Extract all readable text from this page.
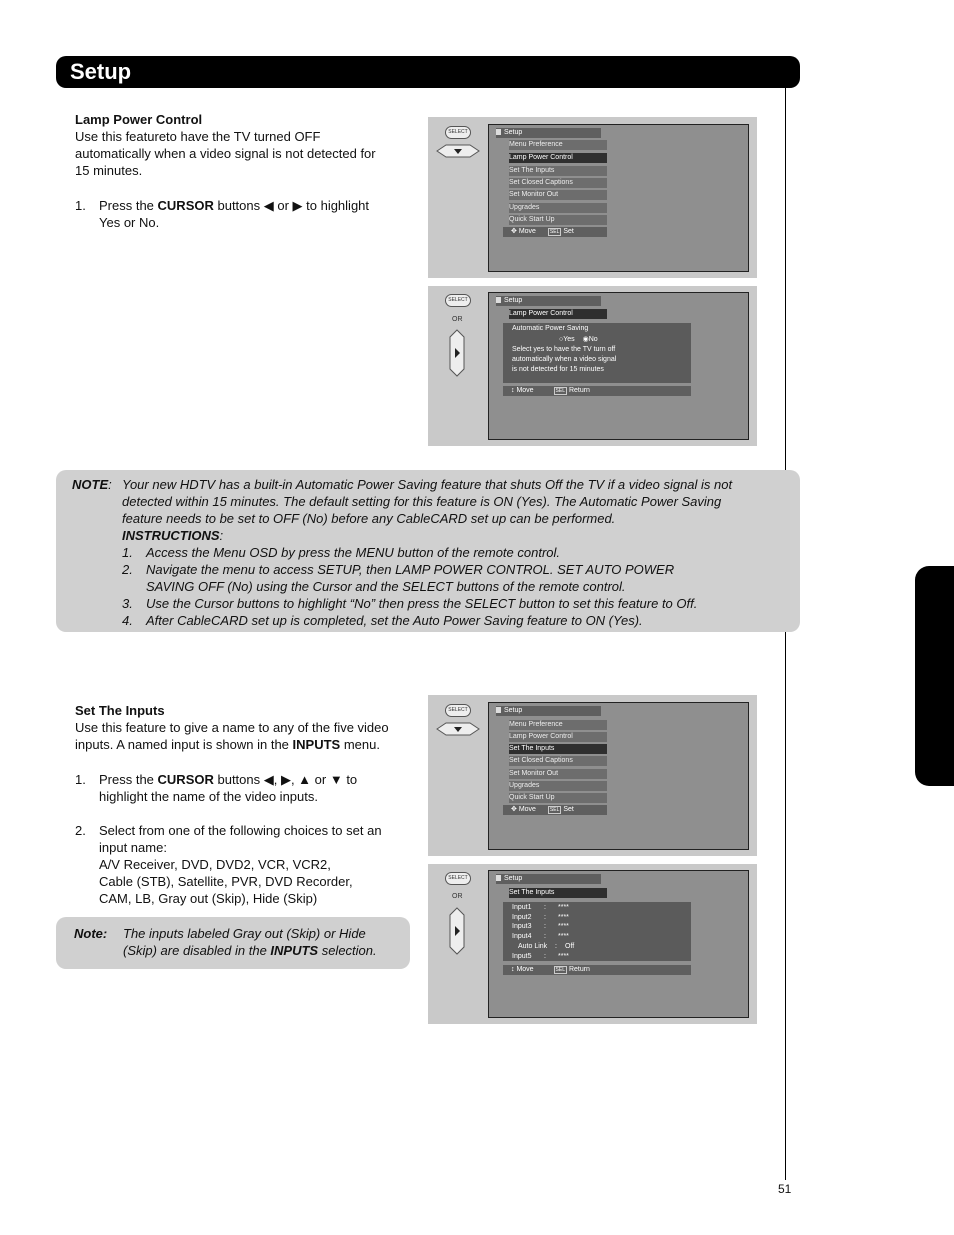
Setup
51
Lamp Power Control
Use this featureto have the TV turned OFF
automatically when a video signal is not detected for
15 minutes.
1. Press the CURSOR buttons ◀ or ▶ to highlight
Yes or No.
SELECT	Setup
Menu Preference
Lamp Power Control
Set The Inputs
Set Closed Captions
Set Monitor Out
Upgrades
Quick Start Up
✥ Move	SEL Set
SELECT
OR
Setup
Lamp Power Control
Automatic Power Saving
○Yes ◉No
Select yes to have the TV turn off
automatically when a video signal
is not detected for 15 minutes
↕ Move	SEL Return
NOTE: Your new HDTV has a built-in Automatic Power Saving feature that shuts Off the TV if a video signal is not
detected within 15 minutes. The default setting for this feature is ON (Yes). The Automatic Power Saving
feature needs to be set to OFF (No) before any CableCARD set up can be performed.
INSTRUCTIONS:
1. Access the Menu OSD by press the MENU button of the remote control.
2. Navigate the menu to access SETUP, then LAMP POWER CONTROL. SET AUTO POWER
SAVING OFF (No) using the Cursor and the SELECT buttons of the remote control.
3. Use the Cursor buttons to highlight “No” then press the SELECT button to set this feature to Off.
4. After CableCARD set up is completed, set the Auto Power Saving feature to ON (Yes).
Set The Inputs
Use this feature to give a name to any of the five video
inputs. A named input is shown in the INPUTS menu.
1. Press the CURSOR buttons ◀, ▶, ▲ or ▼ to
highlight the name of the video inputs.
2. Select from one of the following choices to set an
input name:
A/V Receiver, DVD, DVD2, VCR, VCR2,
Cable (STB), Satellite, PVR, DVD Recorder,
CAM, LB, Gray out (Skip), Hide (Skip)
Note: The inputs labeled Gray out (Skip) or Hide
(Skip) are disabled in the INPUTS selection.
SELECT	Setup
Menu Preference
Lamp Power Control
Set The Inputs
Set Closed Captions
Set Monitor Out
Upgrades
Quick Start Up
✥ Move	SEL Set
SELECT
OR
Setup
Set The Inputs
Input1 : ****
Input2 : ****
Input3 : ****
Input4 : ****
Auto Link : Off
Input5 : ****
↕ Move	SEL Return
